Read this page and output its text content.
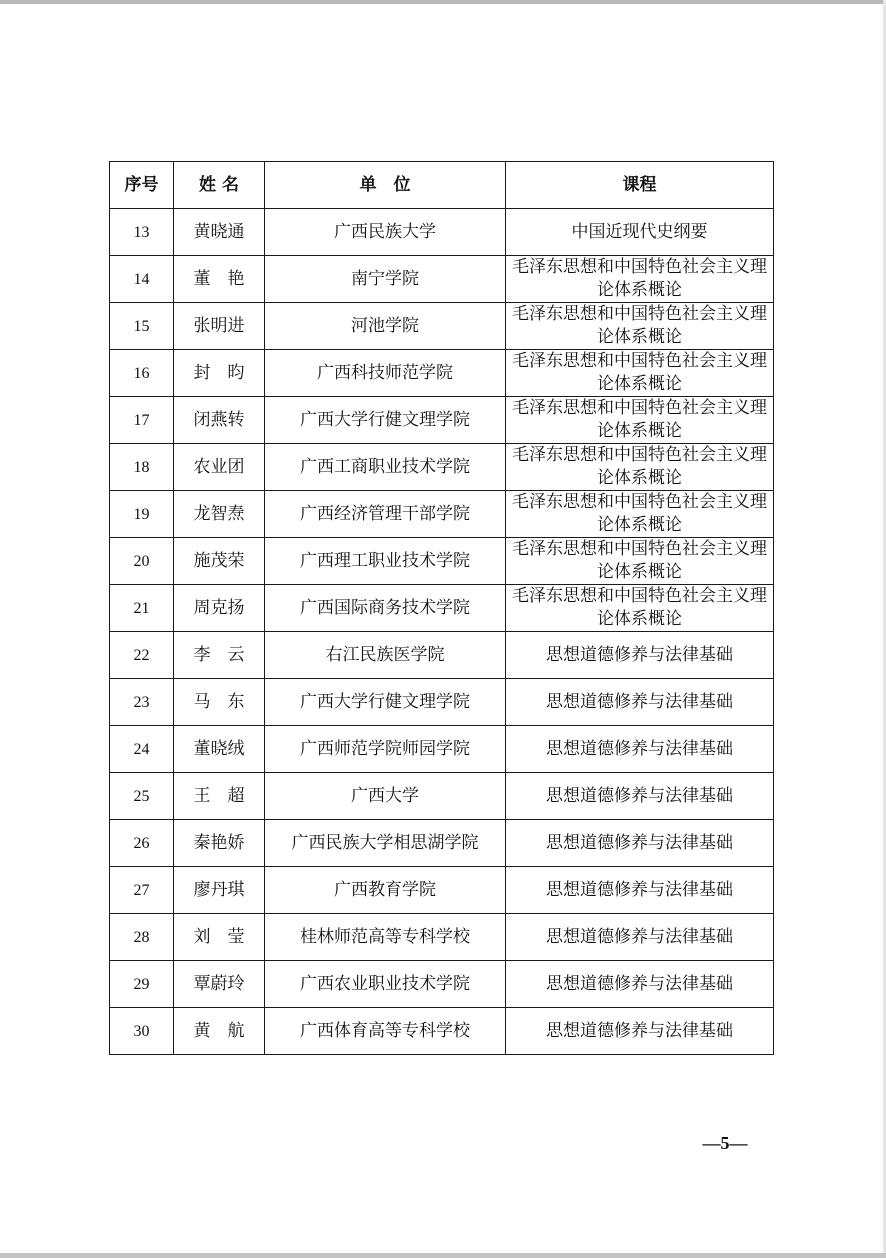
序号	姓 名	单　位	课程
13	黄晓通	广西民族大学	中国近现代史纲要
14	董　艳	南宁学院	毛泽东思想和中国特色社会主义理论体系概论
15	张明进	河池学院	毛泽东思想和中国特色社会主义理论体系概论
16	封　昀	广西科技师范学院	毛泽东思想和中国特色社会主义理论体系概论
17	闭燕转	广西大学行健文理学院	毛泽东思想和中国特色社会主义理论体系概论
18	农业团	广西工商职业技术学院	毛泽东思想和中国特色社会主义理论体系概论
19	龙智焘	广西经济管理干部学院	毛泽东思想和中国特色社会主义理论体系概论
20	施茂荣	广西理工职业技术学院	毛泽东思想和中国特色社会主义理论体系概论
21	周克扬	广西国际商务技术学院	毛泽东思想和中国特色社会主义理论体系概论
22	李　云	右江民族医学院	思想道德修养与法律基础
23	马　东	广西大学行健文理学院	思想道德修养与法律基础
24	董晓绒	广西师范学院师园学院	思想道德修养与法律基础
25	王　超	广西大学	思想道德修养与法律基础
26	秦艳娇	广西民族大学相思湖学院	思想道德修养与法律基础
27	廖丹琪	广西教育学院	思想道德修养与法律基础
28	刘　莹	桂林师范高等专科学校	思想道德修养与法律基础
29	覃蔚玲	广西农业职业技术学院	思想道德修养与法律基础
30	黄　航	广西体育高等专科学校	思想道德修养与法律基础
—5—
